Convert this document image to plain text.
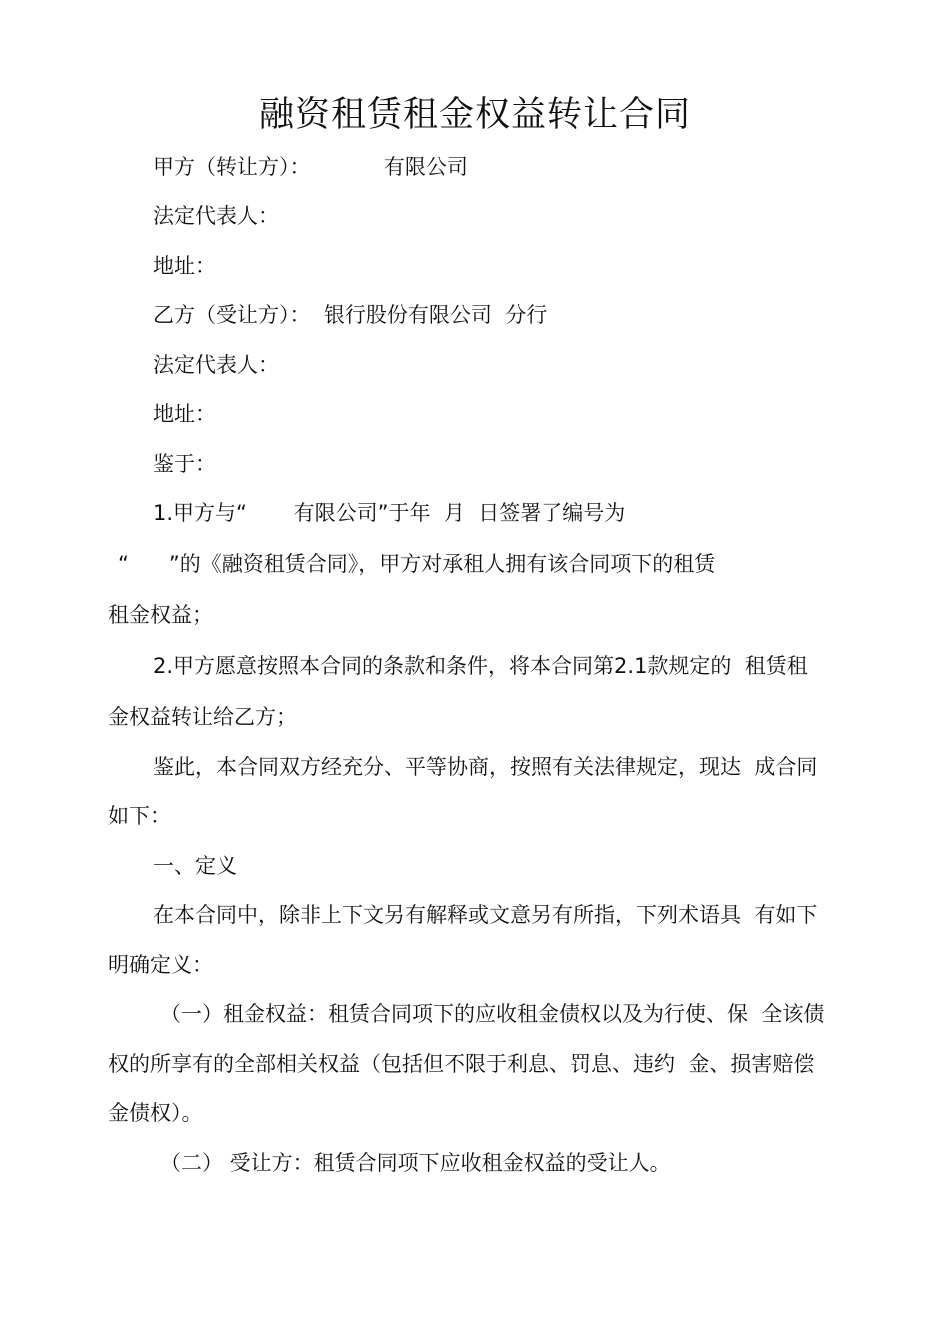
融资租赁租金权益转让合同
甲方（转让方）：           有限公司
法定代表人：
地址：
乙方（受让方）：  银行股份有限公司  分行
法定代表人：
地址：
鉴于：
1.甲方与“       有限公司”于年  月  日签署了编号为
“      ”的《融资租赁合同》，甲方对承租人拥有该合同项下的租赁
租金权益；
2.甲方愿意按照本合同的条款和条件，将本合同第2.1款规定的  租赁租
金权益转让给乙方；
鉴此，本合同双方经充分、平等协商，按照有关法律规定，现达  成合同
如下：
一、定义
在本合同中，除非上下文另有解释或文意另有所指，下列术语具  有如下
明确定义：
（一）租金权益：租赁合同项下的应收租金债权以及为行使、保  全该债
权的所享有的全部相关权益（包括但不限于利息、罚息、违约  金、损害赔偿
金债权）。
（二） 受让方：租赁合同项下应收租金权益的受让人。
